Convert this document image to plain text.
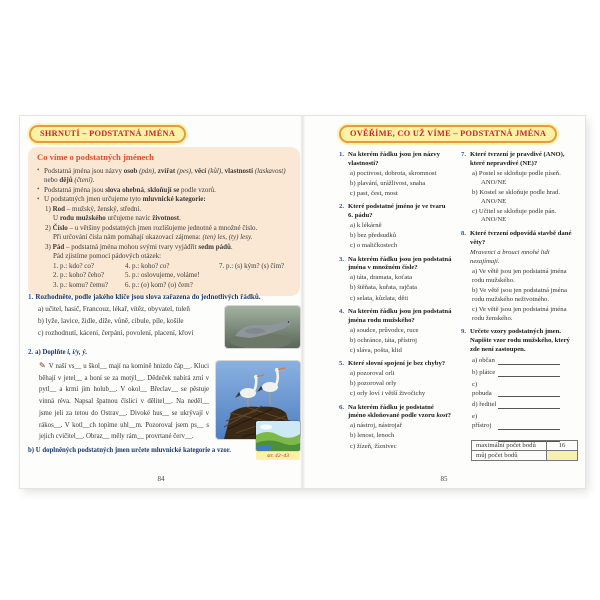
SHRNUTÍ – PODSTATNÁ JMÉNA
Co víme o podstatných jménech
• Podstatná jména jsou názvy osob (pán), zvířat (pes), věcí (kůl), vlastností (laskavost) nebo dějů (čtení).
• Podstatná jména jsou slova ohebná, skloňují se podle vzorů.
• U podstatných jmen určujeme tyto mluvnické kategorie:
1) Rod – mužský, ženský, střední.
U rodu mužského určujeme navíc životnost.
2) Číslo – u většiny podstatných jmen rozlišujeme jednotné a množné číslo.
Při určování čísla nám pomáhají ukazovací zájmena: (ten) les, (ty) lesy.
3) Pád – podstatná jména mohou svými tvary vyjádřit sedm pádů.
Pád zjistíme pomocí pádových otázek:
1. p.: kdo? co?
2. p.: koho? čeho?
3. p.: komu? čemu?
4. p.: koho? co?
5. p.: oslovujeme, voláme!
6. p.: (o) kom? (o) čem?
7. p.: (s) kým? (s) čím?
1. Rozhodněte, podle jakého klíče jsou slova zařazena do jednotlivých řádků.
a) učitel, hasič, Francouz, lékař, vítěz, obyvatel, tuleň
b) lyže, lavice, židle, díže, vůně, cibule, píle, košile
c) rozhodnutí, kácení, čerpání, povolení, placení, křoví
2. a) Doplňte i, í/y, ý.
✎ V naší vs__ u škol__ mají na komíně hnízdo čáp__. Kluci běhají v jetel__ a honí se za motýl__. Dědeček nabírá zrní v pytl__ a krmí jim holub__. V okol__ Břeclav__ se pěstuje vinná réva. Napsal špatnou číslici v dělitel__. Na neděl__ jsme jeli za tetou do Ostrav__. Divoké hus__ se ukrývají v rákos__. V kotl__ch topíme uhl__m. Pozoroval jsem ps__ s jejich cvičitel__. Obraz__ měly rám__ provrtané červ__.
b) U doplněných podstatných jmen určete mluvnické kategorie a vzor.
str. 42–43
84
OVĚŘÍME, CO UŽ VÍME – PODSTATNÁ JMÉNA
1. Na kterém řádku jsou jen názvy vlastností?
a) poctivost, dobrota, skromnost
b) plavání, urážlivost, snaha
c) past, čest, most
2. Které podstatné jméno je ve tvaru 6. pádu?
a) k lékárně
b) bez předsudků
c) o maličkostech
3. Na kterém řádku jsou jen podstatná jména v množném čísle?
a) táta, dramata, koťata
b) štěňata, kuřata, rajčata
c) selata, kůzlata, děti
4. Na kterém řádku jsou jen podstatná jména rodu mužského?
a) soudce, průvodce, ruce
b) ochránce, táta, přístroj
c) sláva, pošta, klid
5. Které slovní spojení je bez chyby?
a) pozoroval orli
b) pozoroval orly
c) orly loví i větší živočichy
6. Na kterém řádku je podstatné jméno skloňované podle vzoru kost?
a) nástroj, nástrojař
b) lenost, lenoch
c) žízeň, žíznivec
7. Které tvrzení je pravdivé (ANO), které nepravdivé (NE)?
a) Postel se skloňuje podle píseň.
ANO/NE
b) Kostel se skloňuje podle hrad.
ANO/NE
c) Učitel se skloňuje podle pán.
ANO/NE
8. Které tvrzení odpovídá stavbě dané věty?
Mravenci a brouci mnohé lidi nezajímají.
a) Ve větě jsou jen podstatná jména rodu mužského.
b) Ve větě jsou jen podstatná jména rodu mužského neživotného.
c) Ve větě jsou jen podstatná jména rodu ženského.
9. Určete vzory podstatných jmen. Napište vzor rodu mužského, který zde není zastoupen.
a) občan
b) plátce
c) pobuda
d) ředitel
e) přístroj
maximální počet bodů	16
můj počet bodů	
85
